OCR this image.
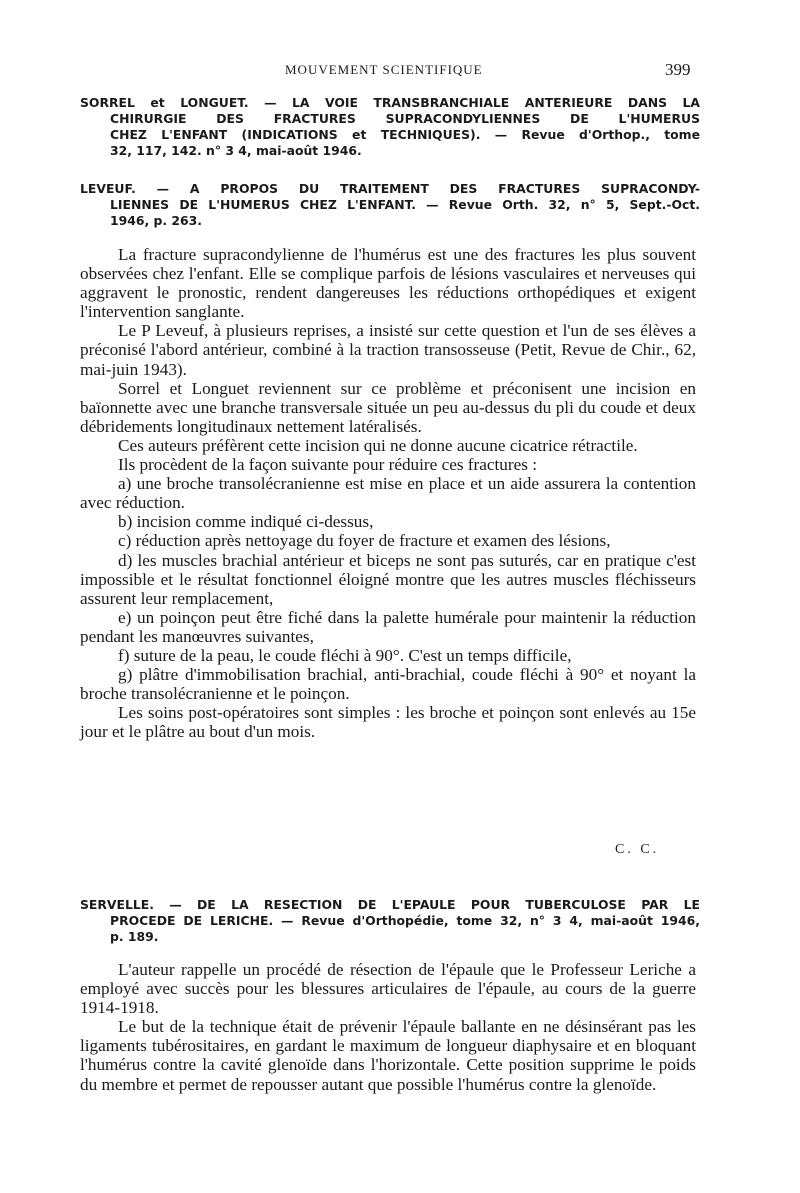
MOUVEMENT SCIENTIFIQUE	399
SORREL et LONGUET. — LA VOIE TRANSBRANCHIALE ANTERIEURE DANS LA
CHIRURGIE DES FRACTURES SUPRACONDYLIENNES DE L'HUMERUS
CHEZ L'ENFANT (INDICATIONS et TECHNIQUES). — Revue d'Orthop., tome
32, 117, 142. n° 3 4, mai-août 1946.
LEVEUF. — A PROPOS DU TRAITEMENT DES FRACTURES SUPRACONDY-
LIENNES DE L'HUMERUS CHEZ L'ENFANT. — Revue Orth. 32, n° 5, Sept.-Oct.
1946, p. 263.

La fracture supracondylienne de l'humérus est une des fractures les plus souvent observées chez l'enfant. Elle se complique parfois de lésions vasculaires et nerveuses qui aggravent le pronostic, rendent dangereuses les réductions orthopédiques et exigent l'intervention sanglante.

Le P Leveuf, à plusieurs reprises, a insisté sur cette question et l'un de ses élèves a préconisé l'abord antérieur, combiné à la traction transosseuse (Petit, Revue de Chir., 62, mai-juin 1943).

Sorrel et Longuet reviennent sur ce problème et préconisent une incision en baïonnette avec une branche transversale située un peu au-dessus du pli du coude et deux débridements longitudinaux nettement latéralisés.

Ces auteurs préfèrent cette incision qui ne donne aucune cicatrice rétractile.

Ils procèdent de la façon suivante pour réduire ces fractures :

a) une broche transolécranienne est mise en place et un aide assurera la contention avec réduction.

b) incision comme indiqué ci-dessus,

c) réduction après nettoyage du foyer de fracture et examen des lésions,

d) les muscles brachial antérieur et biceps ne sont pas suturés, car en pratique c'est impossible et le résultat fonctionnel éloigné montre que les autres muscles fléchisseurs assurent leur remplacement,

e) un poinçon peut être fiché dans la palette humérale pour maintenir la réduction pendant les manœuvres suivantes,

f) suture de la peau, le coude fléchi à 90°. C'est un temps difficile,

g) plâtre d'immobilisation brachial, anti-brachial, coude fléchi à 90° et noyant la broche transolécranienne et le poinçon.

Les soins post-opératoires sont simples : les broche et poinçon sont enlevés au 15e jour et le plâtre au bout d'un mois.

C. C.
SERVELLE. — DE LA RESECTION DE L'EPAULE POUR TUBERCULOSE PAR LE
PROCEDE DE LERICHE. — Revue d'Orthopédie, tome 32, n° 3 4, mai-août 1946,
p. 189.

L'auteur rappelle un procédé de résection de l'épaule que le Professeur Leriche a employé avec succès pour les blessures articulaires de l'épaule, au cours de la guerre 1914-1918.

Le but de la technique était de prévenir l'épaule ballante en ne désinsérant pas les ligaments tubérositaires, en gardant le maximum de longueur diaphysaire et en bloquant l'humérus contre la cavité glenoïde dans l'horizontale. Cette position supprime le poids du membre et permet de repousser autant que possible l'humérus contre la glenoïde.
